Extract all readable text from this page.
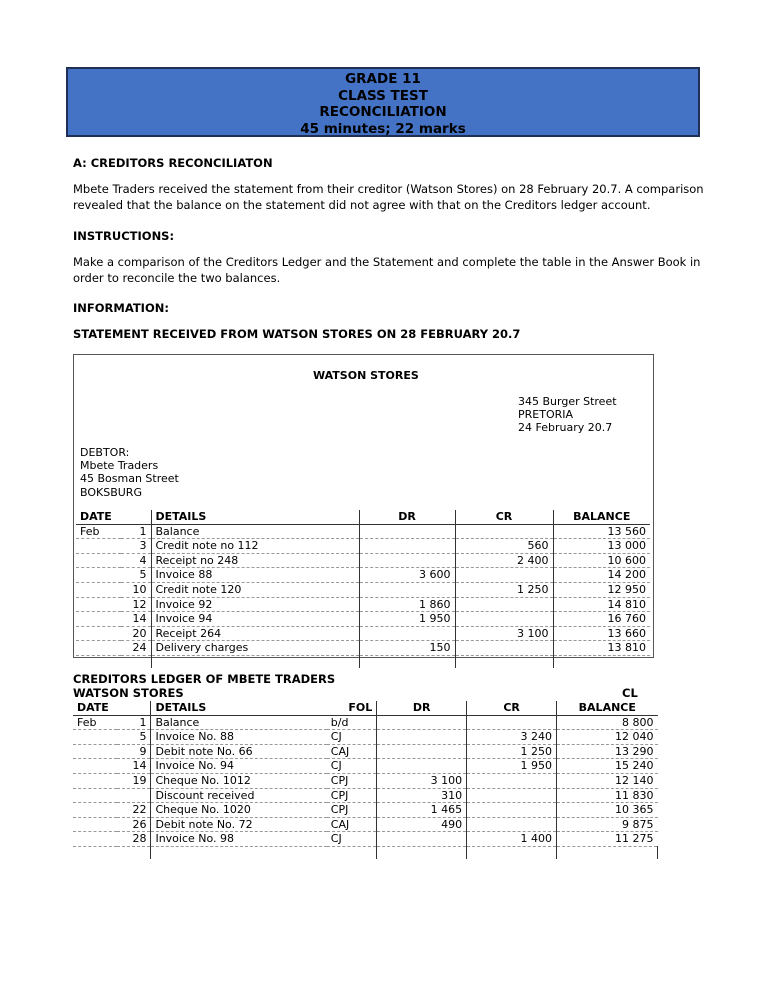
GRADE 11
CLASS TEST
RECONCILIATION
45 minutes; 22 marks
A: CREDITORS RECONCILIATON
Mbete Traders received the statement from their creditor (Watson Stores) on 28 February 20.7. A comparison revealed that the balance on the statement did not agree with that on the Creditors ledger account.
INSTRUCTIONS:
Make a comparison of the Creditors Ledger and the Statement and complete the table in the Answer Book in order to reconcile the two balances.
INFORMATION:
STATEMENT RECEIVED FROM WATSON STORES ON 28 FEBRUARY 20.7
WATSON STORES
345 Burger Street
PRETORIA
24 February 20.7
DEBTOR:
Mbete Traders
45 Bosman Street
BOKSBURG
DATE		DETAILS	DR	CR	BALANCE
Feb	1	Balance			13 560
	3	Credit note no 112		560	13 000
	4	Receipt no 248		2 400	10 600
	5	Invoice 88	3 600		14 200
	10	Credit note 120		1 250	12 950
	12	Invoice 92	1 860		14 810
	14	Invoice 94	1 950		16 760
	20	Receipt 264		3 100	13 660
	24	Delivery charges	150		13 810

CREDITORS LEDGER OF MBETE TRADERS
WATSON STORES	CL
DATE		DETAILS	FOL	DR	CR	BALANCE
Feb	1	Balance	b/d			8 800
	5	Invoice No. 88	CJ		3 240	12 040
	9	Debit note No. 66	CAJ		1 250	13 290
	14	Invoice No. 94	CJ		1 950	15 240
	19	Cheque No. 1012	CPJ	3 100		12 140
		Discount received	CPJ	310		11 830
	22	Cheque No. 1020	CPJ	1 465		10 365
	26	Debit note No. 72	CAJ	490		9 875
	28	Invoice No. 98	CJ		1 400	11 275
